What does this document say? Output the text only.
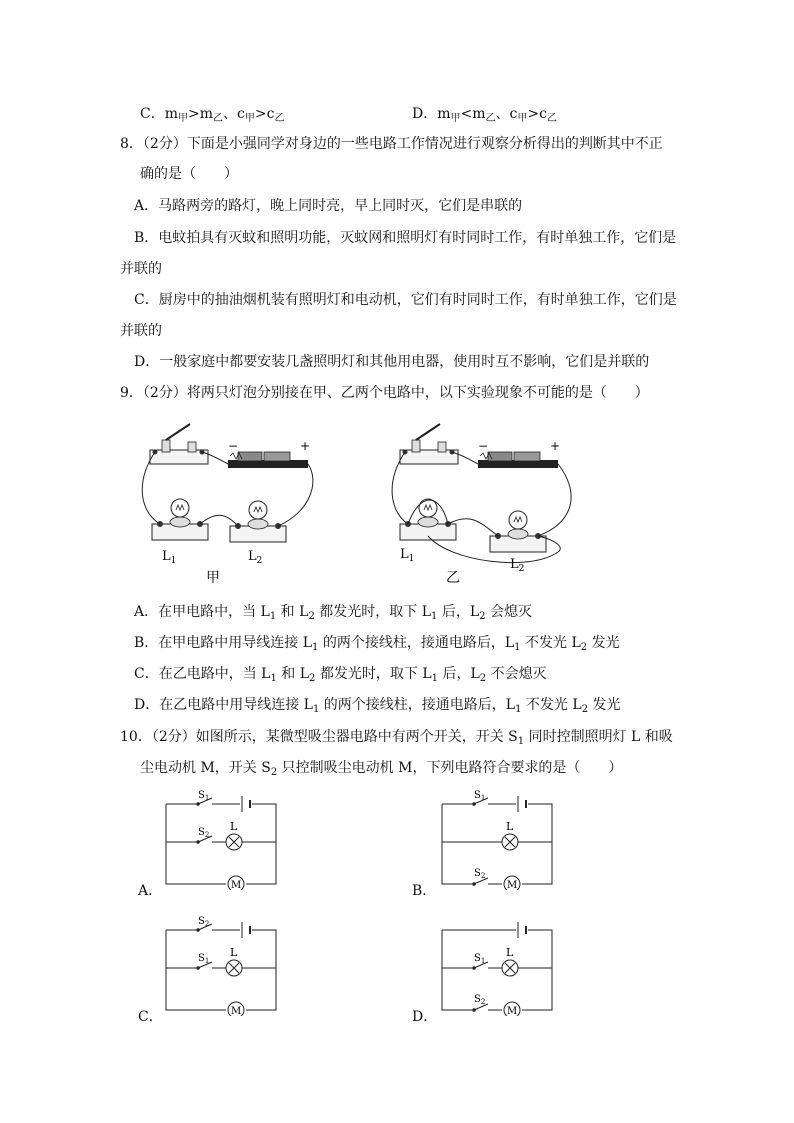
C．$m_甲>m_乙$、$c_甲>c_乙$	D．$m_甲<m_乙$、$c_甲>c_乙$
8．（2分）下面是小强同学对身边的一些电路工作情况进行观察分析得出的判断其中不正
确的是（　　）
A．马路两旁的路灯，晚上同时亮，早上同时灭，它们是串联的
B．电蚊拍具有灭蚊和照明功能，灭蚊网和照明灯有时同时工作，有时单独工作，它们是
并联的
C．厨房中的抽油烟机装有照明灯和电动机，它们有时同时工作，有时单独工作，它们是
并联的
D．一般家庭中都要安装几盏照明灯和其他用电器，使用时互不影响，它们是并联的
9．（2分）将两只灯泡分别接在甲、乙两个电路中，以下实验现象不可能的是（　　）
−	+
$L_1$	$L_2$
甲
−	+
$L_1$	$L_2$
乙
A．在甲电路中，当 $L_1$ 和 $L_2$ 都发光时，取下 $L_1$ 后，$L_2$ 会熄灭
B．在甲电路中用导线连接 $L_1$ 的两个接线柱，接通电路后，$L_1$ 不发光 $L_2$ 发光
C．在乙电路中，当 $L_1$ 和 $L_2$ 都发光时，取下 $L_1$ 后，$L_2$ 不会熄灭
D．在乙电路中用导线连接 $L_1$ 的两个接线柱，接通电路后，$L_1$ 不发光 $L_2$ 发光
10．（2分）如图所示，某微型吸尘器电路中有两个开关，开关 $S_1$ 同时控制照明灯 L 和吸
尘电动机 M，开关 $S_2$ 只控制吸尘电动机 M，下列电路符合要求的是（　　）
A．	M
$S_1$
$S_2$
L
B．	M
$S_1$
$S_2$
L
C．	M
$S_2$
$S_1$
L
D．	M
$S_1$
$S_2$
L
